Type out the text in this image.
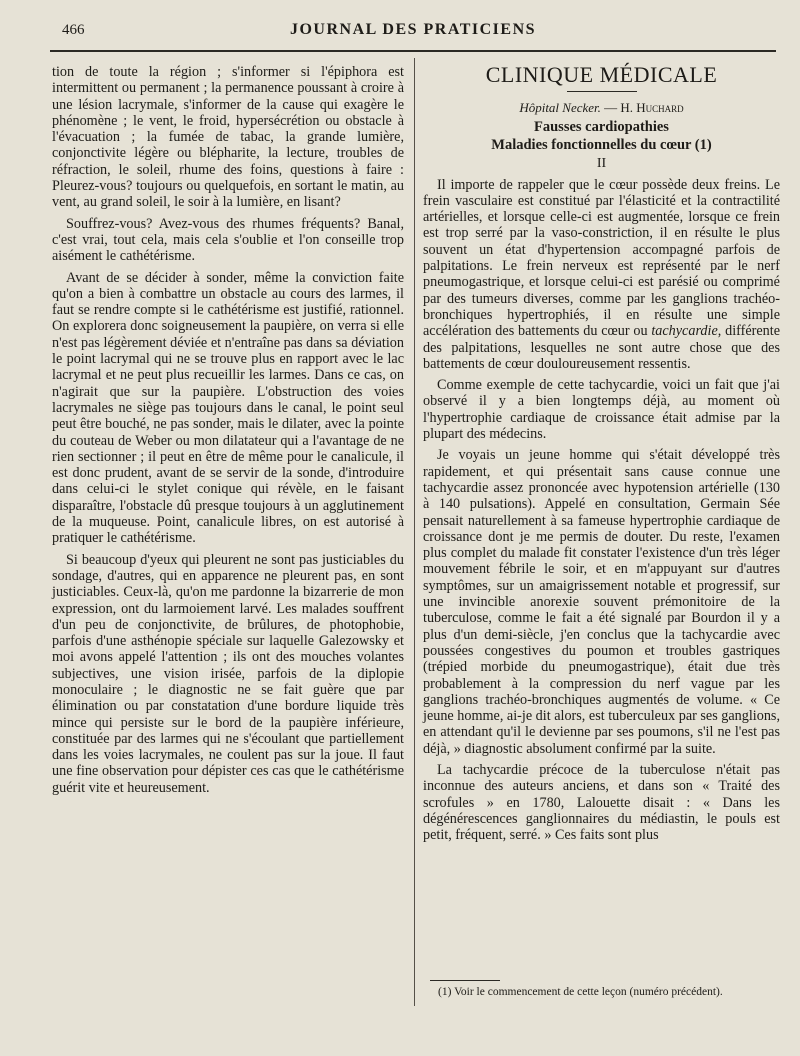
466	JOURNAL DES PRATICIENS

tion de toute la région ; s'informer si l'épiphora est intermittent ou permanent ; la permanence poussant à croire à une lésion lacrymale, s'informer de la cause qui exagère le phénomène ; le vent, le froid, hypersécrétion ou obstacle à l'évacuation ; la fumée de tabac, la grande lumière, conjonctivite légère ou blépharite, la lecture, troubles de réfraction, le soleil, rhume des foins, questions à faire : Pleurez-vous? toujours ou quelquefois, en sortant le matin, au vent, au grand soleil, le soir à la lumière, en lisant?

Souffrez-vous? Avez-vous des rhumes fréquents? Banal, c'est vrai, tout cela, mais cela s'oublie et l'on conseille trop aisément le cathétérisme.

Avant de se décider à sonder, même la conviction faite qu'on a bien à combattre un obstacle au cours des larmes, il faut se rendre compte si le cathétérisme est justifié, rationnel. On explorera donc soigneusement la paupière, on verra si elle n'est pas légèrement déviée et n'entraîne pas dans sa déviation le point lacrymal qui ne se trouve plus en rapport avec le lac lacrymal et ne peut plus recueillir les larmes. Dans ce cas, on n'agirait que sur la paupière. L'obstruction des voies lacrymales ne siège pas toujours dans le canal, le point seul peut être bouché, ne pas sonder, mais le dilater, avec la pointe du couteau de Weber ou mon dilatateur qui a l'avantage de ne rien sectionner ; il peut en être de même pour le canalicule, il est donc prudent, avant de se servir de la sonde, d'introduire dans celui-ci le stylet conique qui révèle, en le faisant disparaître, l'obstacle dû presque toujours à un agglutinement de la muqueuse. Point, canalicule libres, on est autorisé à pratiquer le cathétérisme.

Si beaucoup d'yeux qui pleurent ne sont pas justiciables du sondage, d'autres, qui en apparence ne pleurent pas, en sont justiciables. Ceux-là, qu'on me pardonne la bizarrerie de mon expression, ont du larmoiement larvé. Les malades souffrent d'un peu de conjonctivite, de brûlures, de photophobie, parfois d'une asthénopie spéciale sur laquelle Galezowsky et moi avons appelé l'attention ; ils ont des mouches volantes subjectives, une vision irisée, parfois de la diplopie monoculaire ; le diagnostic ne se fait guère que par élimination ou par constatation d'une bordure liquide très mince qui persiste sur le bord de la paupière inférieure, constituée par des larmes qui ne s'écoulant que partiellement dans les voies lacrymales, ne coulent pas sur la joue. Il faut une fine observation pour dépister ces cas que le cathétérisme guérit vite et heureusement.

CLINIQUE MÉDICALE
Hôpital Necker. — H. Huchard
Fausses cardiopathies
Maladies fonctionnelles du cœur (1)
II

Il importe de rappeler que le cœur possède deux freins. Le frein vasculaire est constitué par l'élasticité et la contractilité artérielles, et lorsque celle-ci est augmentée, lorsque ce frein est trop serré par la vaso-constriction, il en résulte le plus souvent un état d'hypertension accompagné parfois de palpitations. Le frein nerveux est représenté par le nerf pneumogastrique, et lorsque celui-ci est parésié ou comprimé par des tumeurs diverses, comme par les ganglions trachéo-bronchiques hypertrophiés, il en résulte une simple accélération des battements du cœur ou tachycardie, différente des palpitations, lesquelles ne sont autre chose que des battements de cœur douloureusement ressentis.

Comme exemple de cette tachycardie, voici un fait que j'ai observé il y a bien longtemps déjà, au moment où l'hypertrophie cardiaque de croissance était admise par la plupart des médecins.

Je voyais un jeune homme qui s'était développé très rapidement, et qui présentait sans cause connue une tachycardie assez prononcée avec hypotension artérielle (130 à 140 pulsations). Appelé en consultation, Germain Sée pensait naturellement à sa fameuse hypertrophie cardiaque de croissance dont je me permis de douter. Du reste, l'examen plus complet du malade fit constater l'existence d'un très léger mouvement fébrile le soir, et en m'appuyant sur d'autres symptômes, sur un amaigrissement notable et progressif, sur une invincible anorexie souvent prémonitoire de la tuberculose, comme le fait a été signalé par Bourdon il y a plus d'un demi-siècle, j'en conclus que la tachycardie avec poussées congestives du poumon et troubles gastriques (trépied morbide du pneumogastrique), était due très probablement à la compression du nerf vague par les ganglions trachéo-bronchiques augmentés de volume. « Ce jeune homme, ai-je dit alors, est tuberculeux par ses ganglions, en attendant qu'il le devienne par ses poumons, s'il ne l'est pas déjà, » diagnostic absolument confirmé par la suite.

La tachycardie précoce de la tuberculose n'était pas inconnue des auteurs anciens, et dans son « Traité des scrofules » en 1780, Lalouette disait : « Dans les dégénérescences ganglionnaires du médiastin, le pouls est petit, fréquent, serré. » Ces faits sont plus

(1) Voir le commencement de cette leçon (numéro précédent).
